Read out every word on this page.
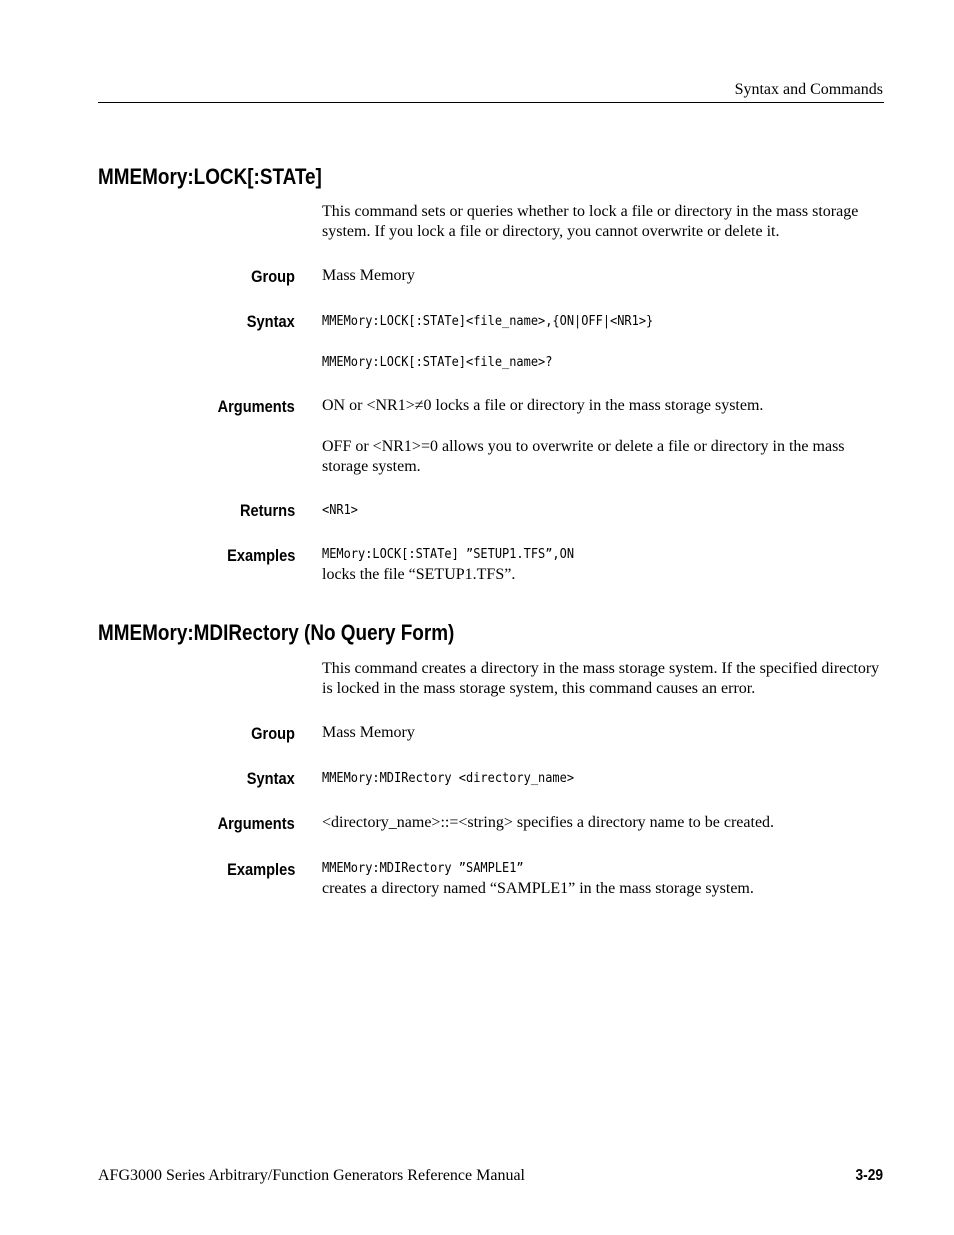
Syntax and Commands
MMEMory:LOCK[:STATe]
This command sets or queries whether to lock a file or directory in the mass storage system. If you lock a file or directory, you cannot overwrite or delete it.
Group Mass Memory
Syntax MMEMory:LOCK[:STATe]<file_name>,{ON|OFF|<NR1>}
MMEMory:LOCK[:STATe]<file_name>?
Arguments ON or <NR1>≠0 locks a file or directory in the mass storage system.
OFF or <NR1>=0 allows you to overwrite or delete a file or directory in the mass storage system.
Returns <NR1>
Examples MEMory:LOCK[:STATe] ”SETUP1.TFS”,ON
locks the file “SETUP1.TFS”.
MMEMory:MDIRectory (No Query Form)
This command creates a directory in the mass storage system. If the specified directory is locked in the mass storage system, this command causes an error.
Group Mass Memory
Syntax MMEMory:MDIRectory <directory_name>
Arguments <directory_name>::=<string> specifies a directory name to be created.
Examples MMEMory:MDIRectory ”SAMPLE1”
creates a directory named “SAMPLE1” in the mass storage system.
AFG3000 Series Arbitrary/Function Generators Reference Manual	3-29
